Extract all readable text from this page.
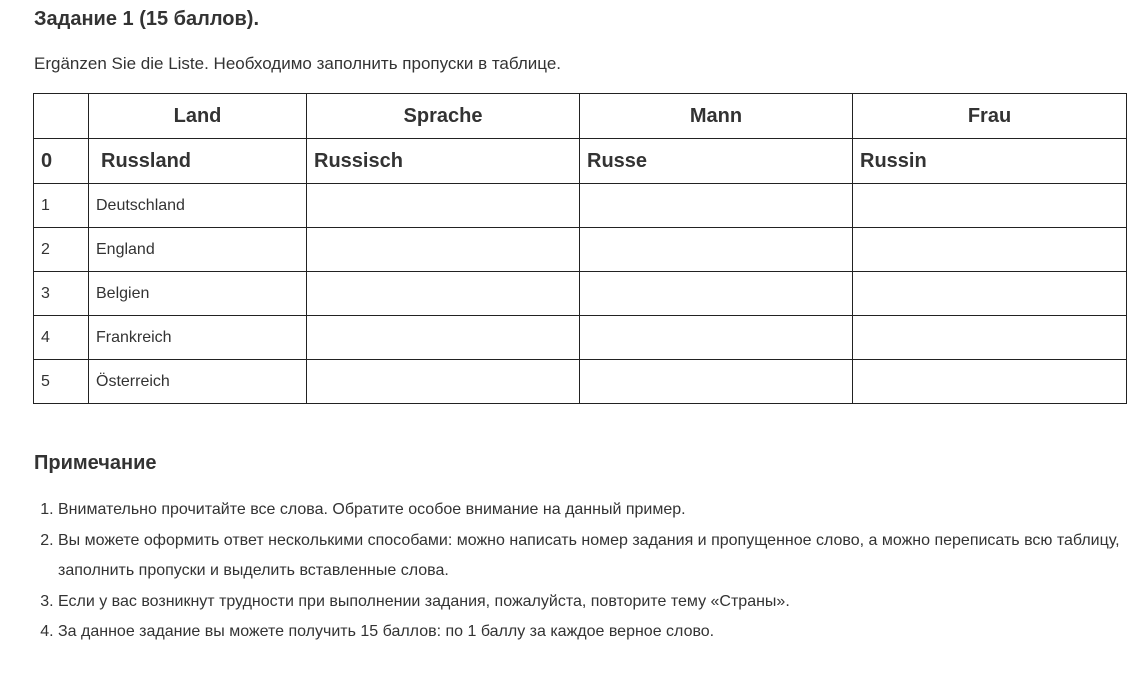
Задание 1 (15 баллов).

Ergänzen Sie die Liste. Необходимо заполнить пропуски в таблице.

	Land	Sprache	Mann	Frau
0	Russland	Russisch	Russe	Russin
1	Deutschland			
2	England			
3	Belgien			
4	Frankreich			
5	Österreich			
Примечание
1. Внимательно прочитайте все слова. Обратите особое внимание на данный пример.
2. Вы можете оформить ответ несколькими способами: можно написать номер задания и пропущенное слово, а можно переписать всю таблицу, заполнить пропуски и выделить вставленные слова.
3. Если у вас возникнут трудности при выполнении задания, пожалуйста, повторите тему «Страны».
4. За данное задание вы можете получить 15 баллов: по 1 баллу за каждое верное слово.
